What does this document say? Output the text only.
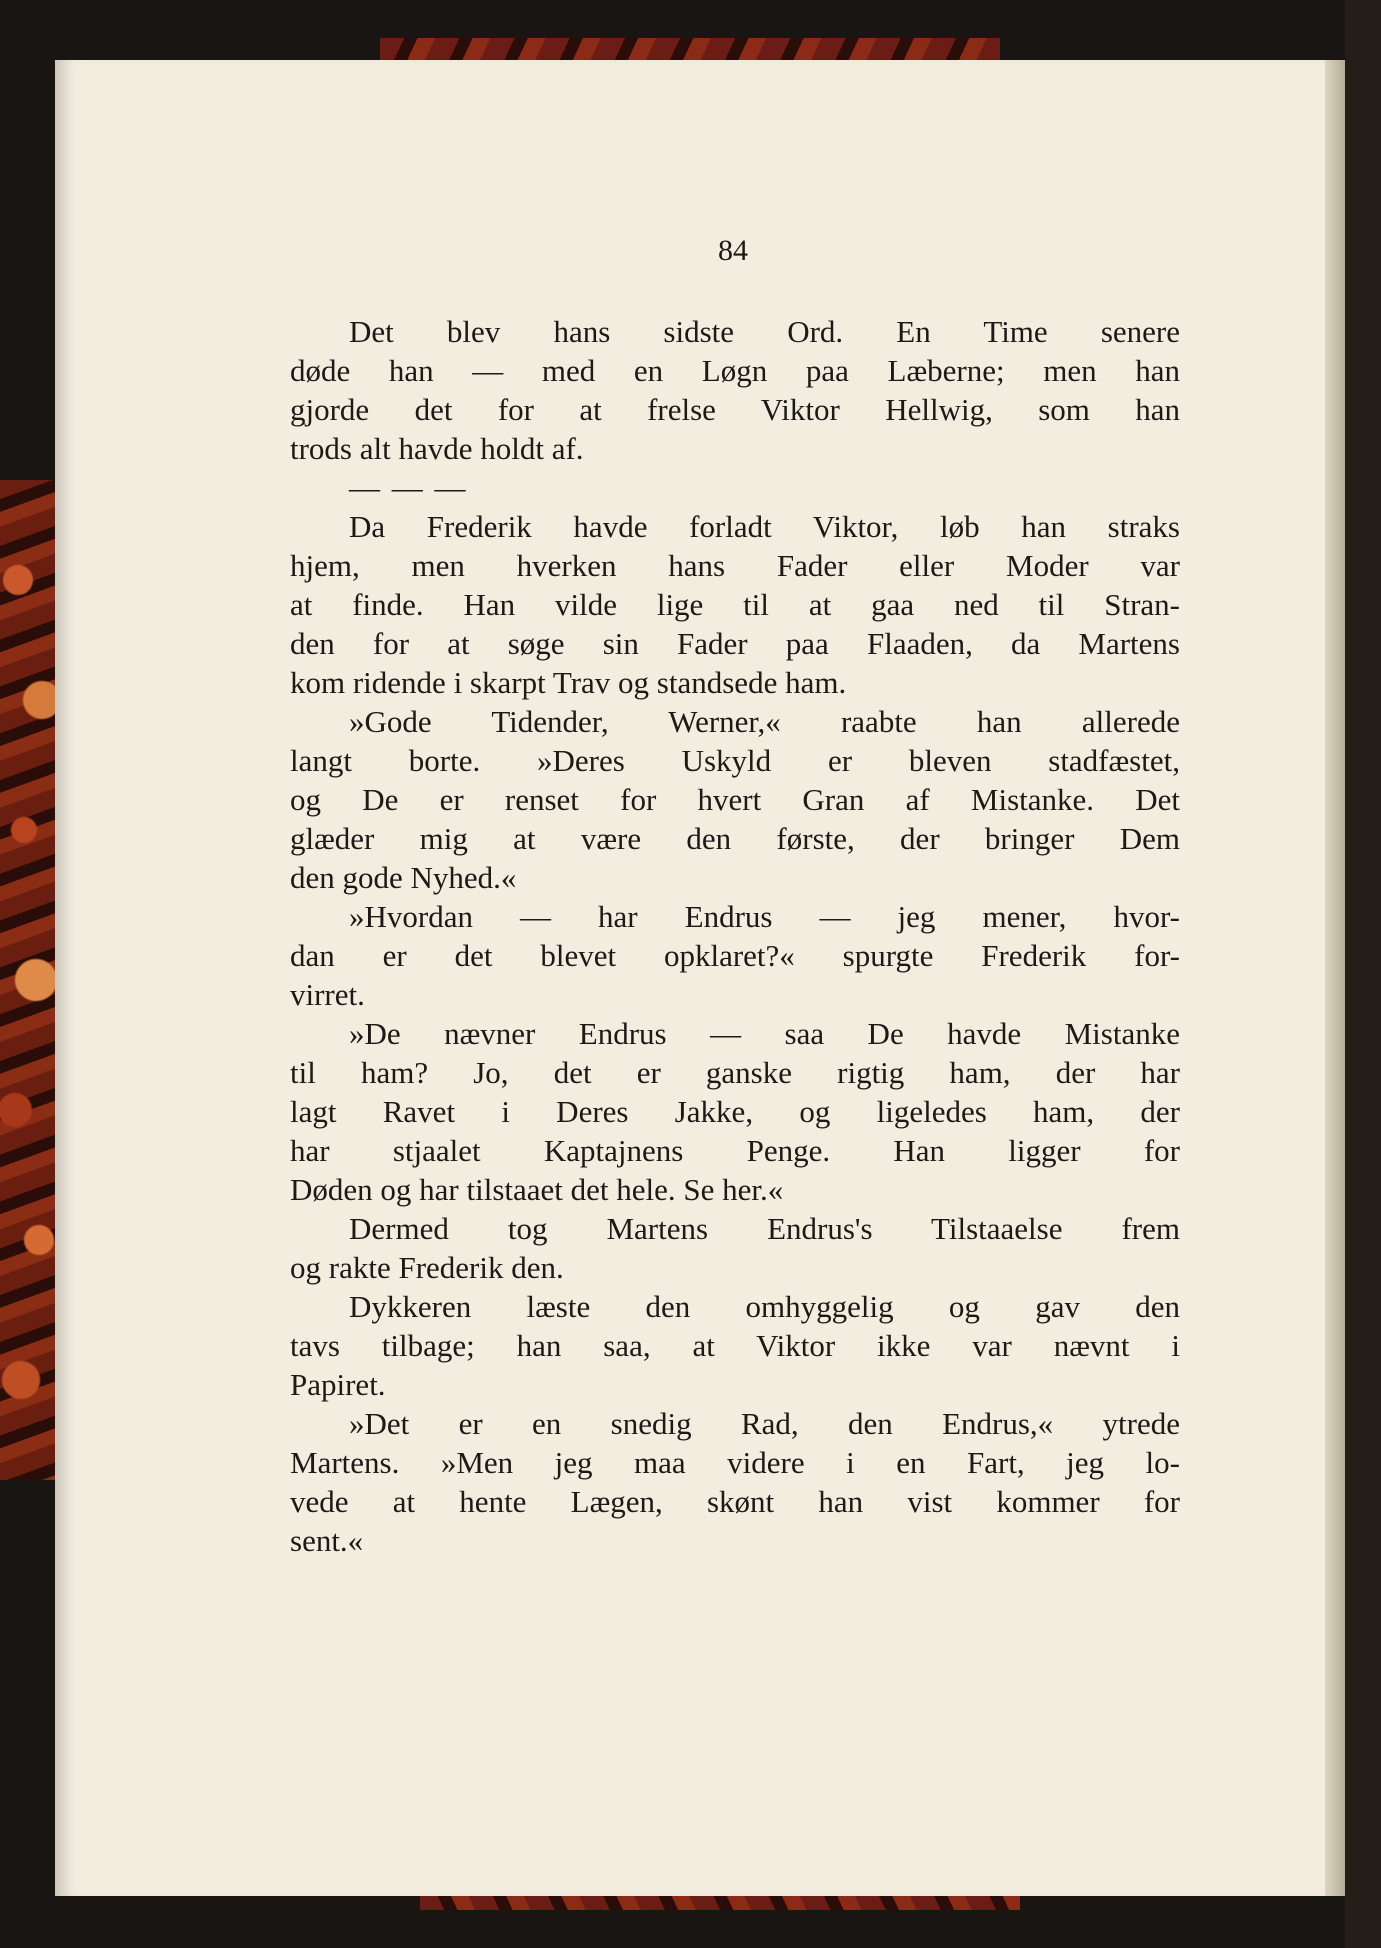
84
Det blev hans sidste Ord. En Time senere
døde han — med en Løgn paa Læberne; men han
gjorde det for at frelse Viktor Hellwig, som han
trods alt havde holdt af.
— — —
Da Frederik havde forladt Viktor, løb han straks
hjem, men hverken hans Fader eller Moder var
at finde. Han vilde lige til at gaa ned til Stran-
den for at søge sin Fader paa Flaaden, da Martens
kom ridende i skarpt Trav og standsede ham.
»Gode Tidender, Werner,« raabte han allerede
langt borte. »Deres Uskyld er bleven stadfæstet,
og De er renset for hvert Gran af Mistanke. Det
glæder mig at være den første, der bringer Dem
den gode Nyhed.«
»Hvordan — har Endrus — jeg mener, hvor-
dan er det blevet opklaret?« spurgte Frederik for-
virret.
»De nævner Endrus — saa De havde Mistanke
til ham? Jo, det er ganske rigtig ham, der har
lagt Ravet i Deres Jakke, og ligeledes ham, der
har stjaalet Kaptajnens Penge. Han ligger for
Døden og har tilstaaet det hele. Se her.«
Dermed tog Martens Endrus's Tilstaaelse frem
og rakte Frederik den.
Dykkeren læste den omhyggelig og gav den
tavs tilbage; han saa, at Viktor ikke var nævnt i
Papiret.
»Det er en snedig Rad, den Endrus,« ytrede
Martens. »Men jeg maa videre i en Fart, jeg lo-
vede at hente Lægen, skønt han vist kommer for
sent.«
